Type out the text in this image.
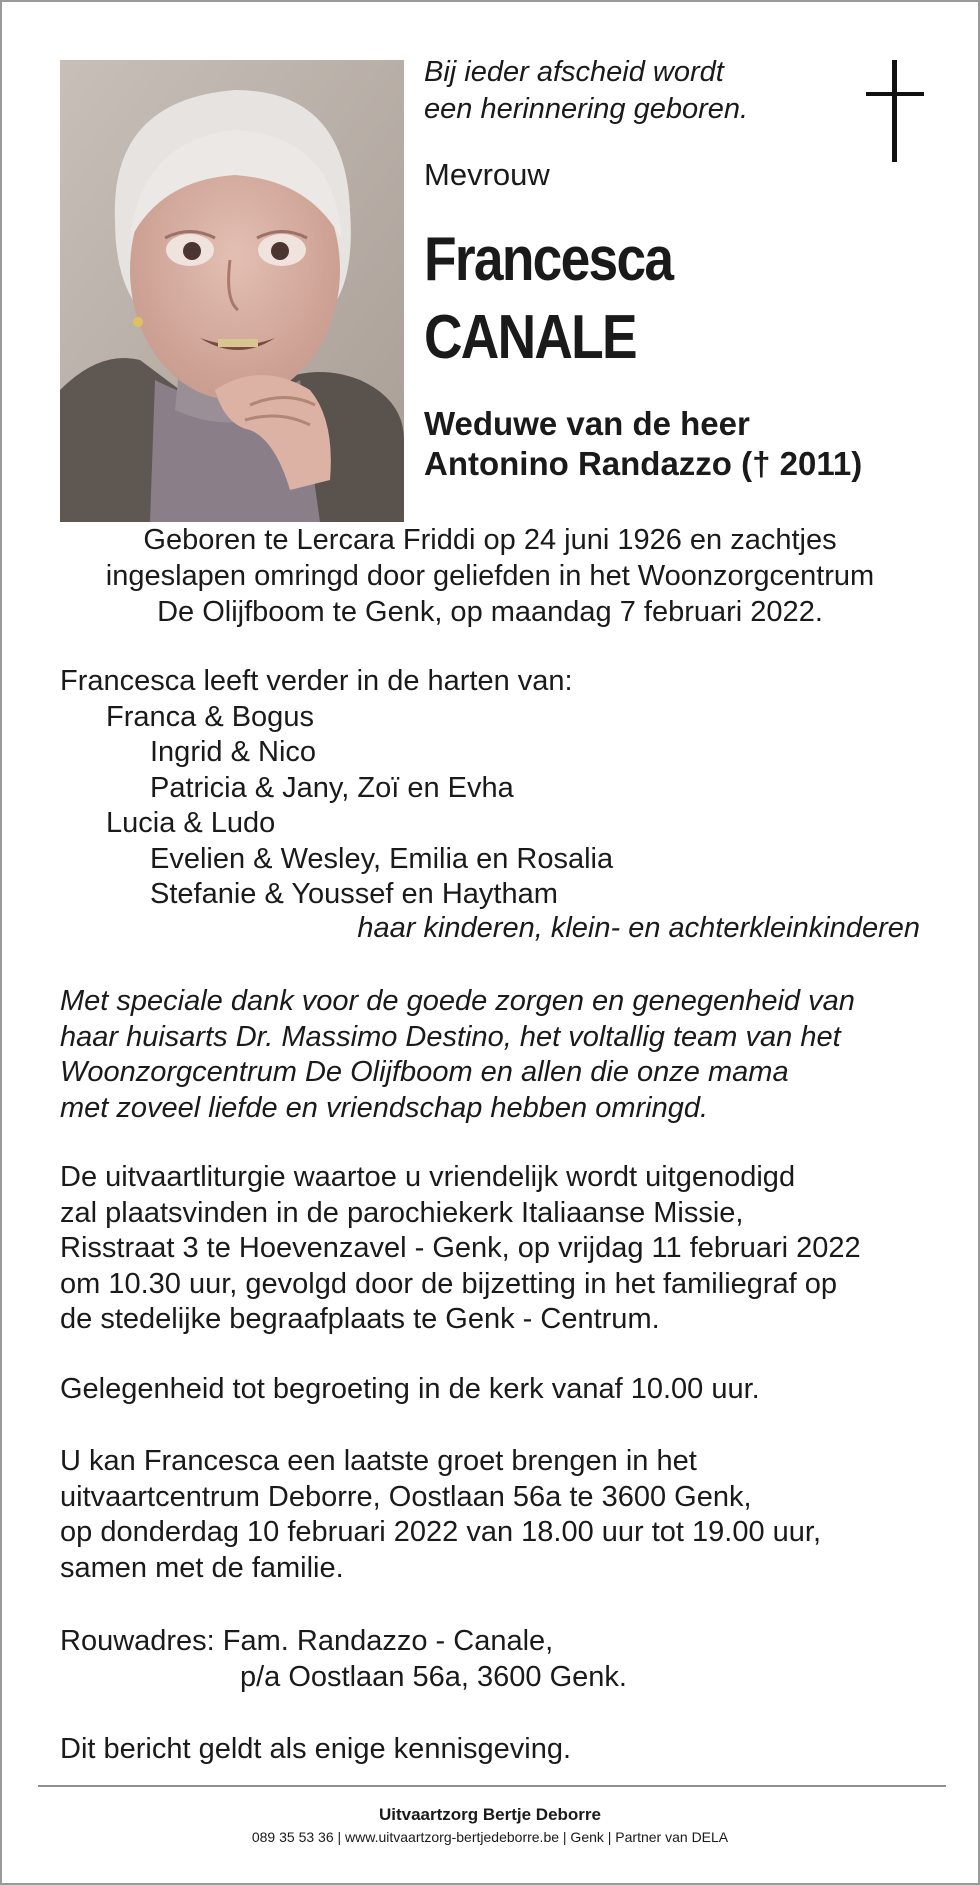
Bij ieder afscheid wordt
een herinnering geboren.
Mevrouw
Francesca
CANALE
Weduwe van de heer
Antonino Randazzo († 2011)
Geboren te Lercara Friddi op 24 juni 1926 en zachtjes
ingeslapen omringd door geliefden in het Woonzorgcentrum
De Olijfboom te Genk, op maandag 7 februari 2022.
Francesca leeft verder in de harten van:
Franca & Bogus
Ingrid & Nico
Patricia & Jany, Zoï en Evha
Lucia & Ludo
Evelien & Wesley, Emilia en Rosalia
Stefanie & Youssef en Haytham
haar kinderen, klein- en achterkleinkinderen
Met speciale dank voor de goede zorgen en genegenheid van
haar huisarts Dr. Massimo Destino, het voltallig team van het
Woonzorgcentrum De Olijfboom en allen die onze mama
met zoveel liefde en vriendschap hebben omringd.
De uitvaartliturgie waartoe u vriendelijk wordt uitgenodigd
zal plaatsvinden in de parochiekerk Italiaanse Missie,
Risstraat 3 te Hoevenzavel - Genk, op vrijdag 11 februari 2022
om 10.30 uur, gevolgd door de bijzetting in het familiegraf op
de stedelijke begraafplaats te Genk - Centrum.
Gelegenheid tot begroeting in de kerk vanaf 10.00 uur.
U kan Francesca een laatste groet brengen in het
uitvaartcentrum Deborre, Oostlaan 56a te 3600 Genk,
op donderdag 10 februari 2022 van 18.00 uur tot 19.00 uur,
samen met de familie.
Rouwadres: Fam. Randazzo - Canale,
p/a Oostlaan 56a, 3600 Genk.
Dit bericht geldt als enige kennisgeving.
Uitvaartzorg Bertje Deborre
089 35 53 36 | www.uitvaartzorg-bertjedeborre.be | Genk | Partner van DELA
